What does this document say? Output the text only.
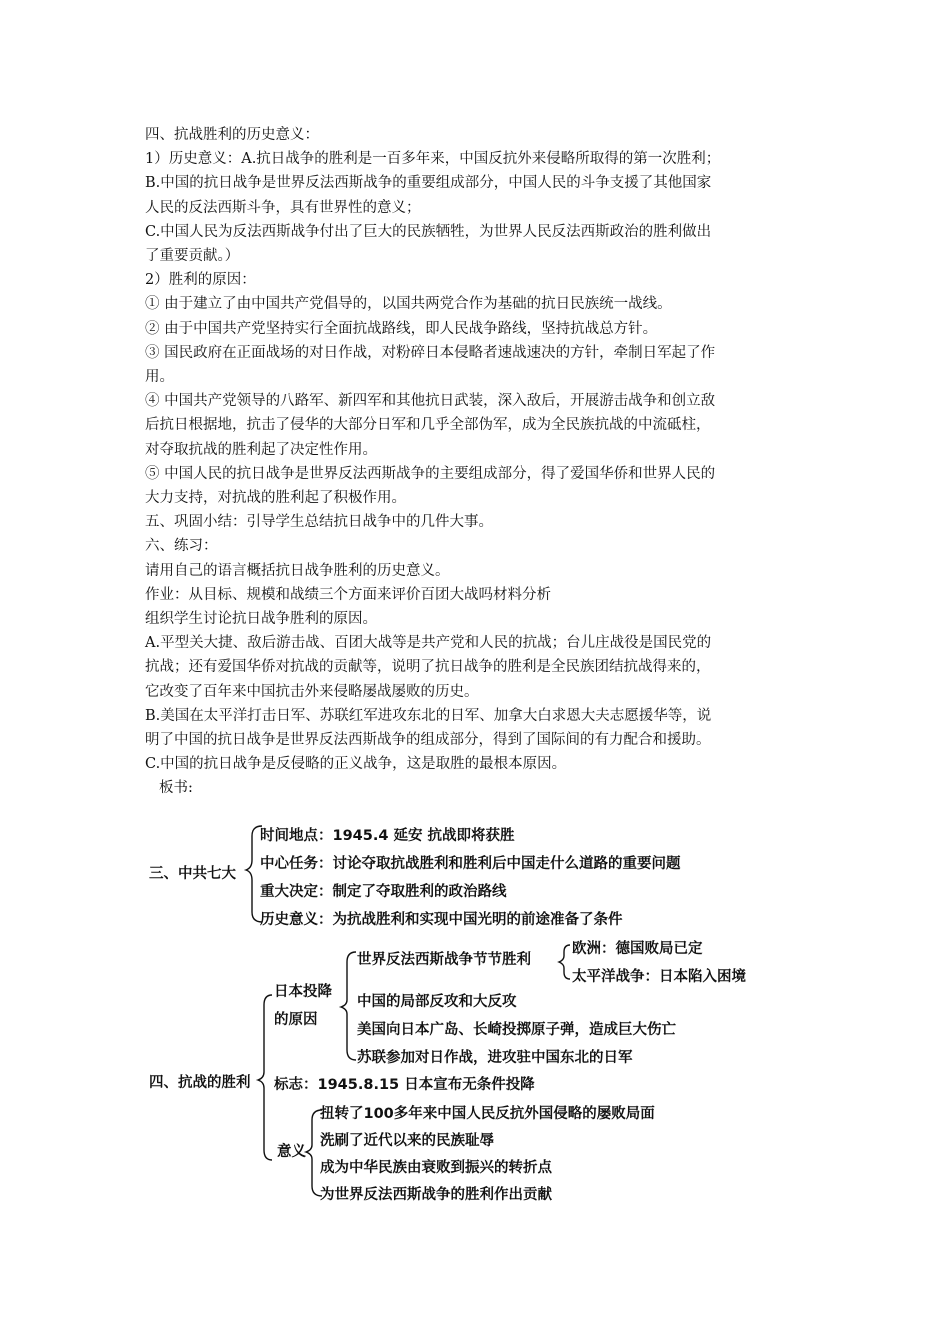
四、抗战胜利的历史意义：

1）历史意义：A.抗日战争的胜利是一百多年来，中国反抗外来侵略所取得的第一次胜利；

B.中国的抗日战争是世界反法西斯战争的重要组成部分，中国人民的斗争支援了其他国家

人民的反法西斯斗争，具有世界性的意义；

C.中国人民为反法西斯战争付出了巨大的民族牺牲，为世界人民反法西斯政治的胜利做出

了重要贡献。）

2）胜利的原因：

① 由于建立了由中国共产党倡导的，以国共两党合作为基础的抗日民族统一战线。

② 由于中国共产党坚持实行全面抗战路线，即人民战争路线，坚持抗战总方针。

③ 国民政府在正面战场的对日作战，对粉碎日本侵略者速战速决的方针，牵制日军起了作

用。

④ 中国共产党领导的八路军、新四军和其他抗日武装，深入敌后，开展游击战争和创立敌

后抗日根据地，抗击了侵华的大部分日军和几乎全部伪军，成为全民族抗战的中流砥柱，

对夺取抗战的胜利起了决定性作用。

⑤ 中国人民的抗日战争是世界反法西斯战争的主要组成部分，得了爱国华侨和世界人民的

大力支持，对抗战的胜利起了积极作用。

五、巩固小结：引导学生总结抗日战争中的几件大事。

六、练习：

请用自己的语言概括抗日战争胜利的历史意义。

作业：从目标、规模和战绩三个方面来评价百团大战吗材料分析

组织学生讨论抗日战争胜利的原因。

A.平型关大捷、敌后游击战、百团大战等是共产党和人民的抗战；台儿庄战役是国民党的

抗战；还有爱国华侨对抗战的贡献等，说明了抗日战争的胜利是全民族团结抗战得来的，

它改变了百年来中国抗击外来侵略屡战屡败的历史。

B.美国在太平洋打击日军、苏联红军进攻东北的日军、加拿大白求恩大夫志愿援华等，说

明了中国的抗日战争是世界反法西斯战争的组成部分，得到了国际间的有力配合和援助。

C.中国的抗日战争是反侵略的正义战争，这是取胜的最根本原因。

板书:

三、中共七大
时间地点：1945.4 延安 抗战即将获胜
中心任务：讨论夺取抗战胜利和胜利后中国走什么道路的重要问题
重大决定：制定了夺取胜利的政治路线
历史意义：为抗战胜利和实现中国光明的前途准备了条件
四、抗战的胜利
日本投降
的原因
世界反法西斯战争节节胜利
欧洲：德国败局已定
太平洋战争：日本陷入困境
中国的局部反攻和大反攻
美国向日本广岛、长崎投掷原子弹，造成巨大伤亡
苏联参加对日作战，进攻驻中国东北的日军
标志：1945.8.15 日本宣布无条件投降
意义
扭转了100多年来中国人民反抗外国侵略的屡败局面
洗刷了近代以来的民族耻辱
成为中华民族由衰败到振兴的转折点
为世界反法西斯战争的胜利作出贡献
